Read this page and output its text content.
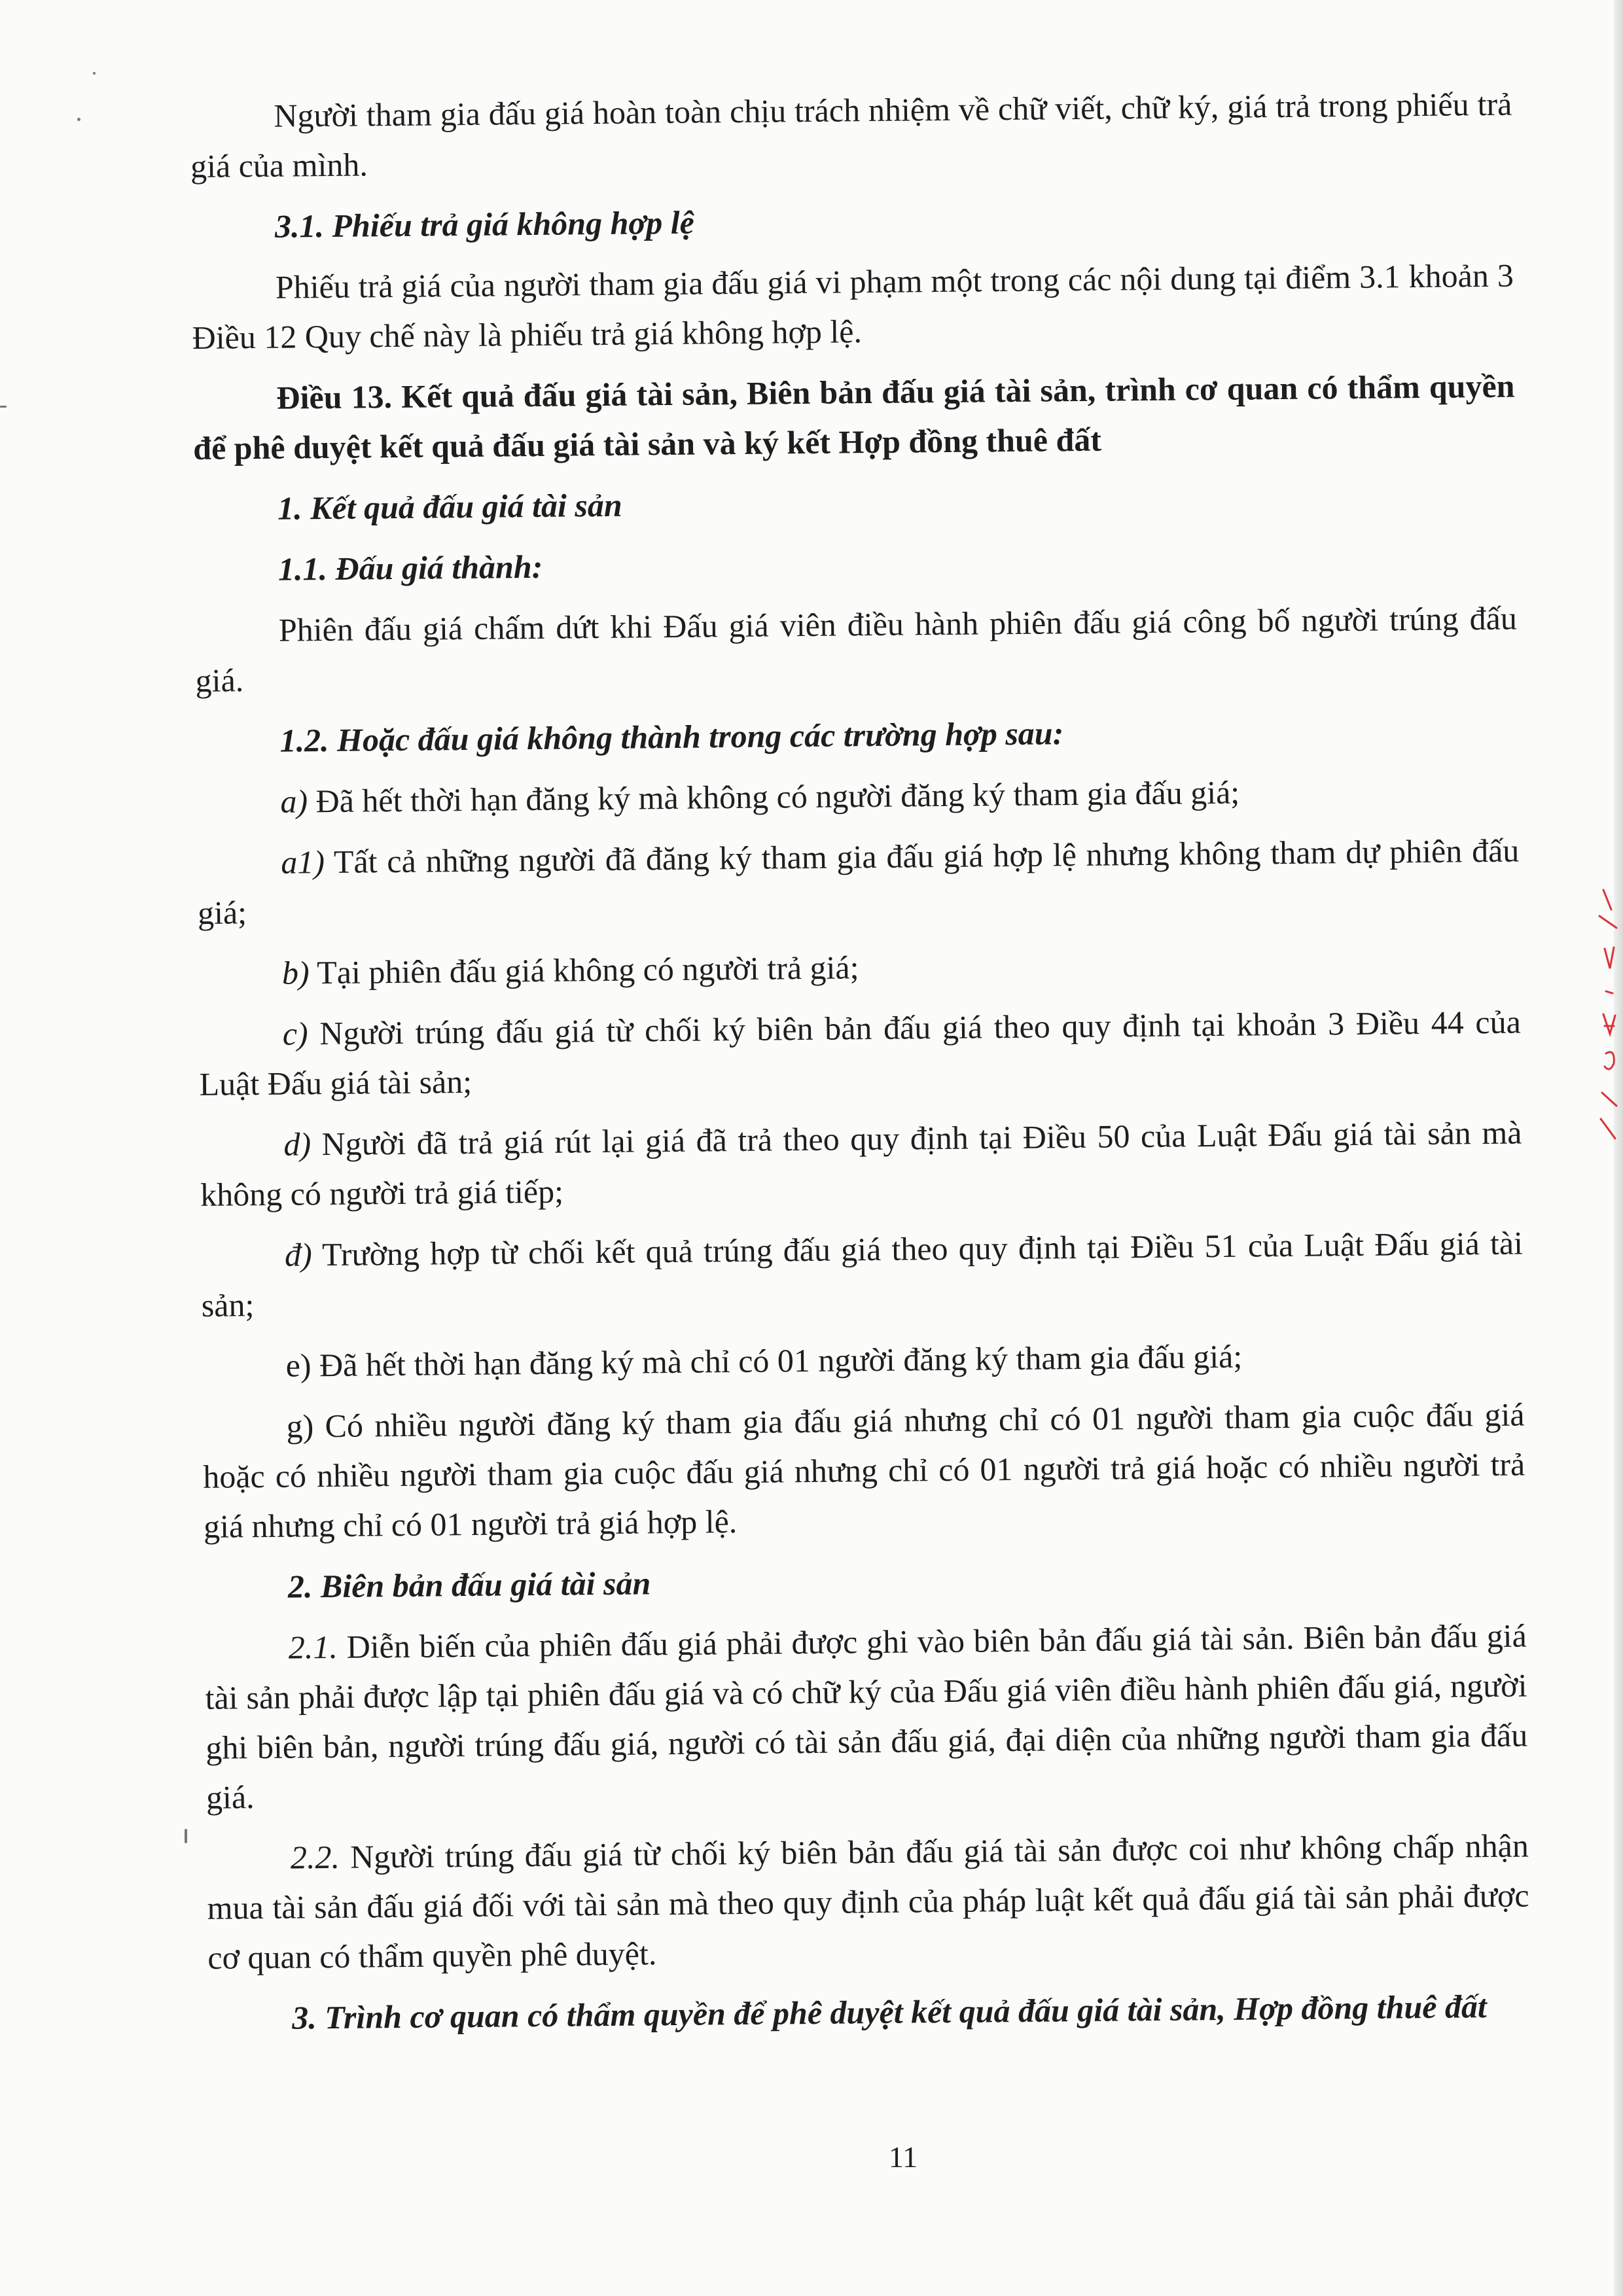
Người tham gia đấu giá hoàn toàn chịu trách nhiệm về chữ viết, chữ ký, giá trả trong phiếu trả giá của mình.

3.1. Phiếu trả giá không hợp lệ

Phiếu trả giá của người tham gia đấu giá vi phạm một trong các nội dung tại điểm 3.1 khoản 3 Điều 12 Quy chế này là phiếu trả giá không hợp lệ.

Điều 13. Kết quả đấu giá tài sản, Biên bản đấu giá tài sản, trình cơ quan có thẩm quyền để phê duyệt kết quả đấu giá tài sản và ký kết Hợp đồng thuê đất

1. Kết quả đấu giá tài sản

1.1. Đấu giá thành:

Phiên đấu giá chấm dứt khi Đấu giá viên điều hành phiên đấu giá công bố người trúng đấu giá.

1.2. Hoặc đấu giá không thành trong các trường hợp sau:

a) Đã hết thời hạn đăng ký mà không có người đăng ký tham gia đấu giá;

a1) Tất cả những người đã đăng ký tham gia đấu giá hợp lệ nhưng không tham dự phiên đấu giá;

b) Tại phiên đấu giá không có người trả giá;

c) Người trúng đấu giá từ chối ký biên bản đấu giá theo quy định tại khoản 3 Điều 44 của Luật Đấu giá tài sản;

d) Người đã trả giá rút lại giá đã trả theo quy định tại Điều 50 của Luật Đấu giá tài sản mà không có người trả giá tiếp;

đ) Trường hợp từ chối kết quả trúng đấu giá theo quy định tại Điều 51 của Luật Đấu giá tài sản;

e) Đã hết thời hạn đăng ký mà chỉ có 01 người đăng ký tham gia đấu giá;

g) Có nhiều người đăng ký tham gia đấu giá nhưng chỉ có 01 người tham gia cuộc đấu giá hoặc có nhiều người tham gia cuộc đấu giá nhưng chỉ có 01 người trả giá hoặc có nhiều người trả giá nhưng chỉ có 01 người trả giá hợp lệ.

2. Biên bản đấu giá tài sản

2.1. Diễn biến của phiên đấu giá phải được ghi vào biên bản đấu giá tài sản. Biên bản đấu giá tài sản phải được lập tại phiên đấu giá và có chữ ký của Đấu giá viên điều hành phiên đấu giá, người ghi biên bản, người trúng đấu giá, người có tài sản đấu giá, đại diện của những người tham gia đấu giá.

2.2. Người trúng đấu giá từ chối ký biên bản đấu giá tài sản được coi như không chấp nhận mua tài sản đấu giá đối với tài sản mà theo quy định của pháp luật kết quả đấu giá tài sản phải được cơ quan có thẩm quyền phê duyệt.

3. Trình cơ quan có thẩm quyền để phê duyệt kết quả đấu giá tài sản, Hợp đồng thuê đất

11
